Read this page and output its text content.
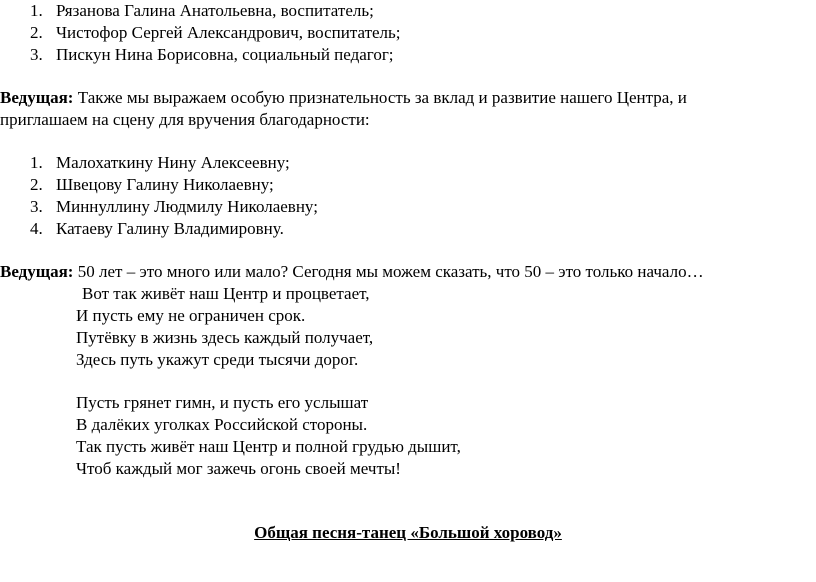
1. Рязанова Галина Анатольевна, воспитатель;
2. Чистофор Сергей Александрович, воспитатель;
3. Пискун Нина Борисовна, социальный педагог;
Ведущая: Также мы выражаем особую признательность за вклад и развитие нашего Центра, и
приглашаем на сцену для вручения благодарности:
1. Малохаткину Нину Алексеевну;
2. Швецову Галину Николаевну;
3. Миннуллину Людмилу Николаевну;
4. Катаеву Галину Владимировну.
Ведущая: 50 лет – это много или мало? Сегодня мы можем сказать, что 50 – это только начало…
Вот так живёт наш Центр и процветает,
И пусть ему не ограничен срок.
Путёвку в жизнь здесь каждый получает,
Здесь путь укажут среди тысячи дорог.
Пусть грянет гимн, и пусть его услышат
В далёких уголках Российской стороны.
Так пусть живёт наш Центр и полной грудью дышит,
Чтоб каждый мог зажечь огонь своей мечты!
Общая песня-танец «Большой хоровод»
